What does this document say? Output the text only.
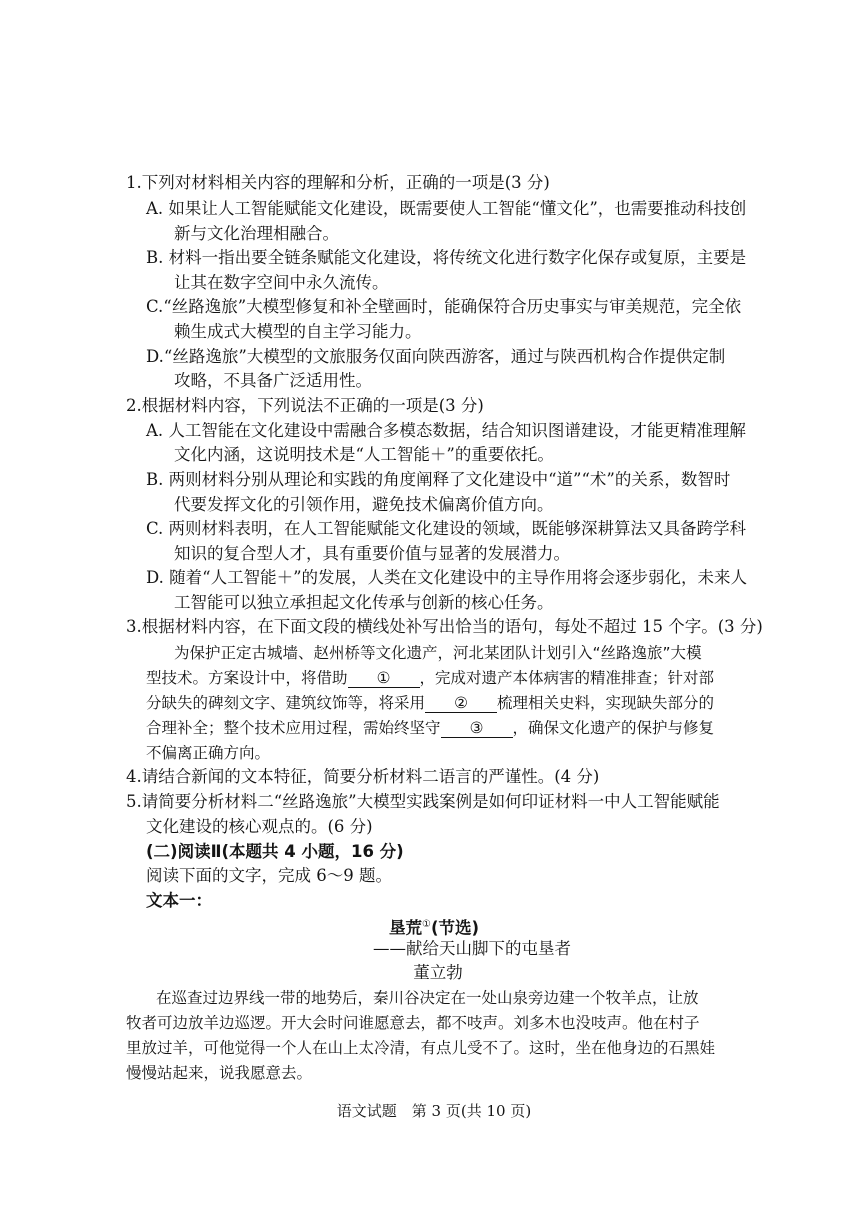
1.下列对材料相关内容的理解和分析，正确的一项是(3 分)
A. 如果让人工智能赋能文化建设，既需要使人工智能“懂文化”，也需要推动科技创
新与文化治理相融合。
B. 材料一指出要全链条赋能文化建设，将传统文化进行数字化保存或复原，主要是
让其在数字空间中永久流传。
C.“丝路逸旅”大模型修复和补全壁画时，能确保符合历史事实与审美规范，完全依
赖生成式大模型的自主学习能力。
D.“丝路逸旅”大模型的文旅服务仅面向陕西游客，通过与陕西机构合作提供定制
攻略，不具备广泛适用性。
2.根据材料内容，下列说法不正确的一项是(3 分)
A. 人工智能在文化建设中需融合多模态数据，结合知识图谱建设，才能更精准理解
文化内涵，这说明技术是“人工智能＋”的重要依托。
B. 两则材料分别从理论和实践的角度阐释了文化建设中“道”“术”的关系，数智时
代要发挥文化的引领作用，避免技术偏离价值方向。
C. 两则材料表明，在人工智能赋能文化建设的领域，既能够深耕算法又具备跨学科
知识的复合型人才，具有重要价值与显著的发展潜力。
D. 随着“人工智能＋”的发展，人类在文化建设中的主导作用将会逐步弱化，未来人
工智能可以独立承担起文化传承与创新的核心任务。
3.根据材料内容，在下面文段的横线处补写出恰当的语句，每处不超过 15 个字。(3 分)
为保护正定古城墙、赵州桥等文化遗产，河北某团队计划引入“丝路逸旅”大模
型技术。方案设计中，将借助 ① ，完成对遗产本体病害的精准排查；针对部
分缺失的碑刻文字、建筑纹饰等，将采用 ② 梳理相关史料，实现缺失部分的
合理补全；整个技术应用过程，需始终坚守 ③ ，确保文化遗产的保护与修复
不偏离正确方向。
4.请结合新闻的文本特征，简要分析材料二语言的严谨性。(4 分)
5.请简要分析材料二“丝路逸旅”大模型实践案例是如何印证材料一中人工智能赋能
文化建设的核心观点的。(6 分)
(二)阅读Ⅱ(本题共 4 小题，16 分)
阅读下面的文字，完成 6～9 题。
文本一：
垦荒①(节选)
——献给天山脚下的屯垦者
董立勃
在巡查过边界线一带的地势后，秦川谷决定在一处山泉旁边建一个牧羊点，让放
牧者可边放羊边巡逻。开大会时问谁愿意去，都不吱声。刘多木也没吱声。他在村子
里放过羊，可他觉得一个人在山上太冷清，有点儿受不了。这时，坐在他身边的石黑娃
慢慢站起来，说我愿意去。
语文试题　第 3 页(共 10 页)
